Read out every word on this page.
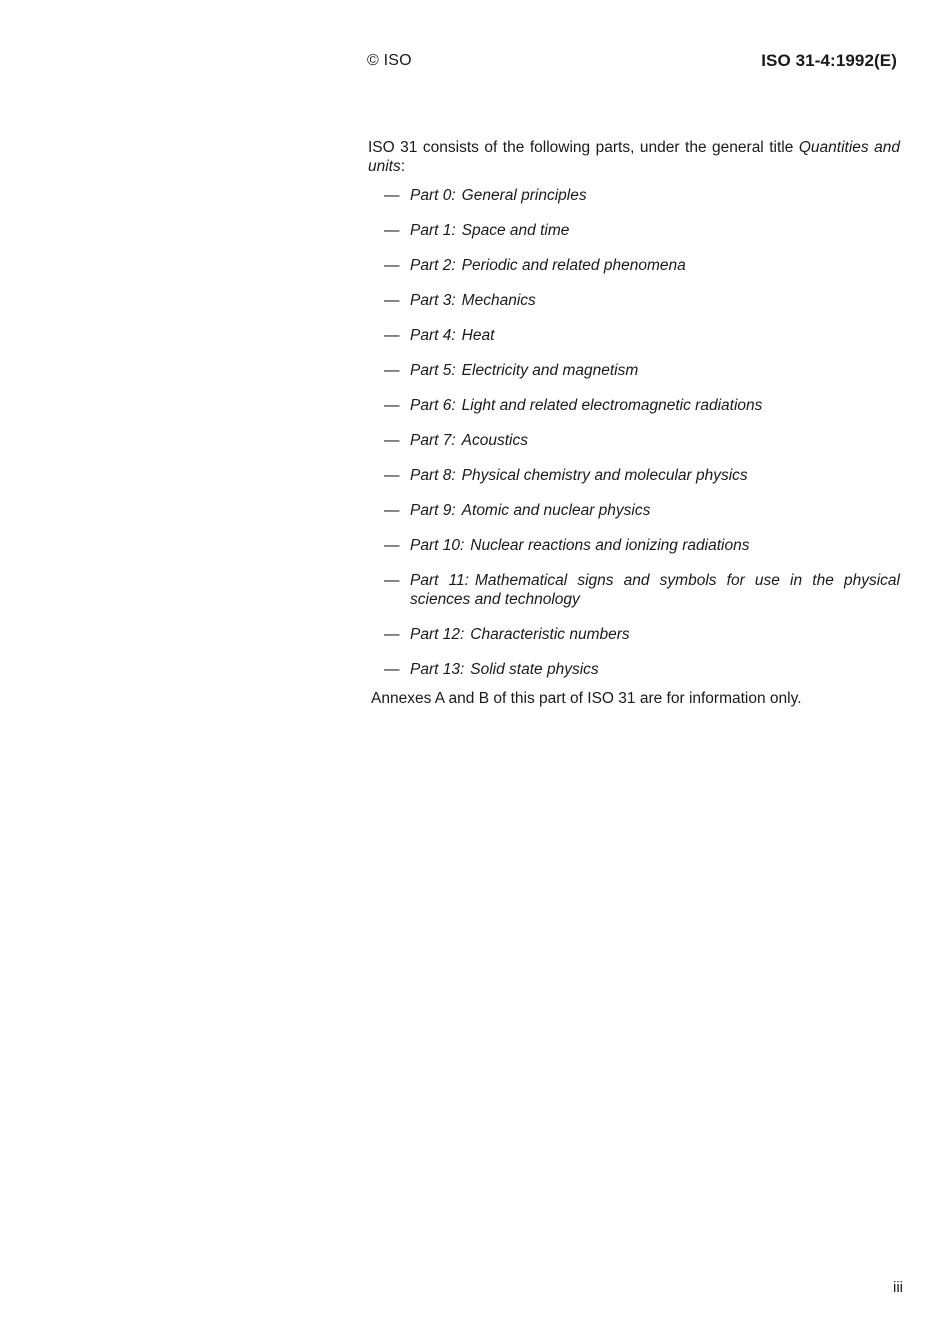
© ISO	ISO 31-4:1992(E)

ISO 31 consists of the following parts, under the general title Quantities and units:

— Part 0: General principles
— Part 1: Space and time
— Part 2: Periodic and related phenomena
— Part 3: Mechanics
— Part 4: Heat
— Part 5: Electricity and magnetism
— Part 6: Light and related electromagnetic radiations
— Part 7: Acoustics
— Part 8: Physical chemistry and molecular physics
— Part 9: Atomic and nuclear physics
— Part 10: Nuclear reactions and ionizing radiations
— Part 11: Mathematical signs and symbols for use in the physical sciences and technology
— Part 12: Characteristic numbers
— Part 13: Solid state physics

Annexes A and B of this part of ISO 31 are for information only.

iii
